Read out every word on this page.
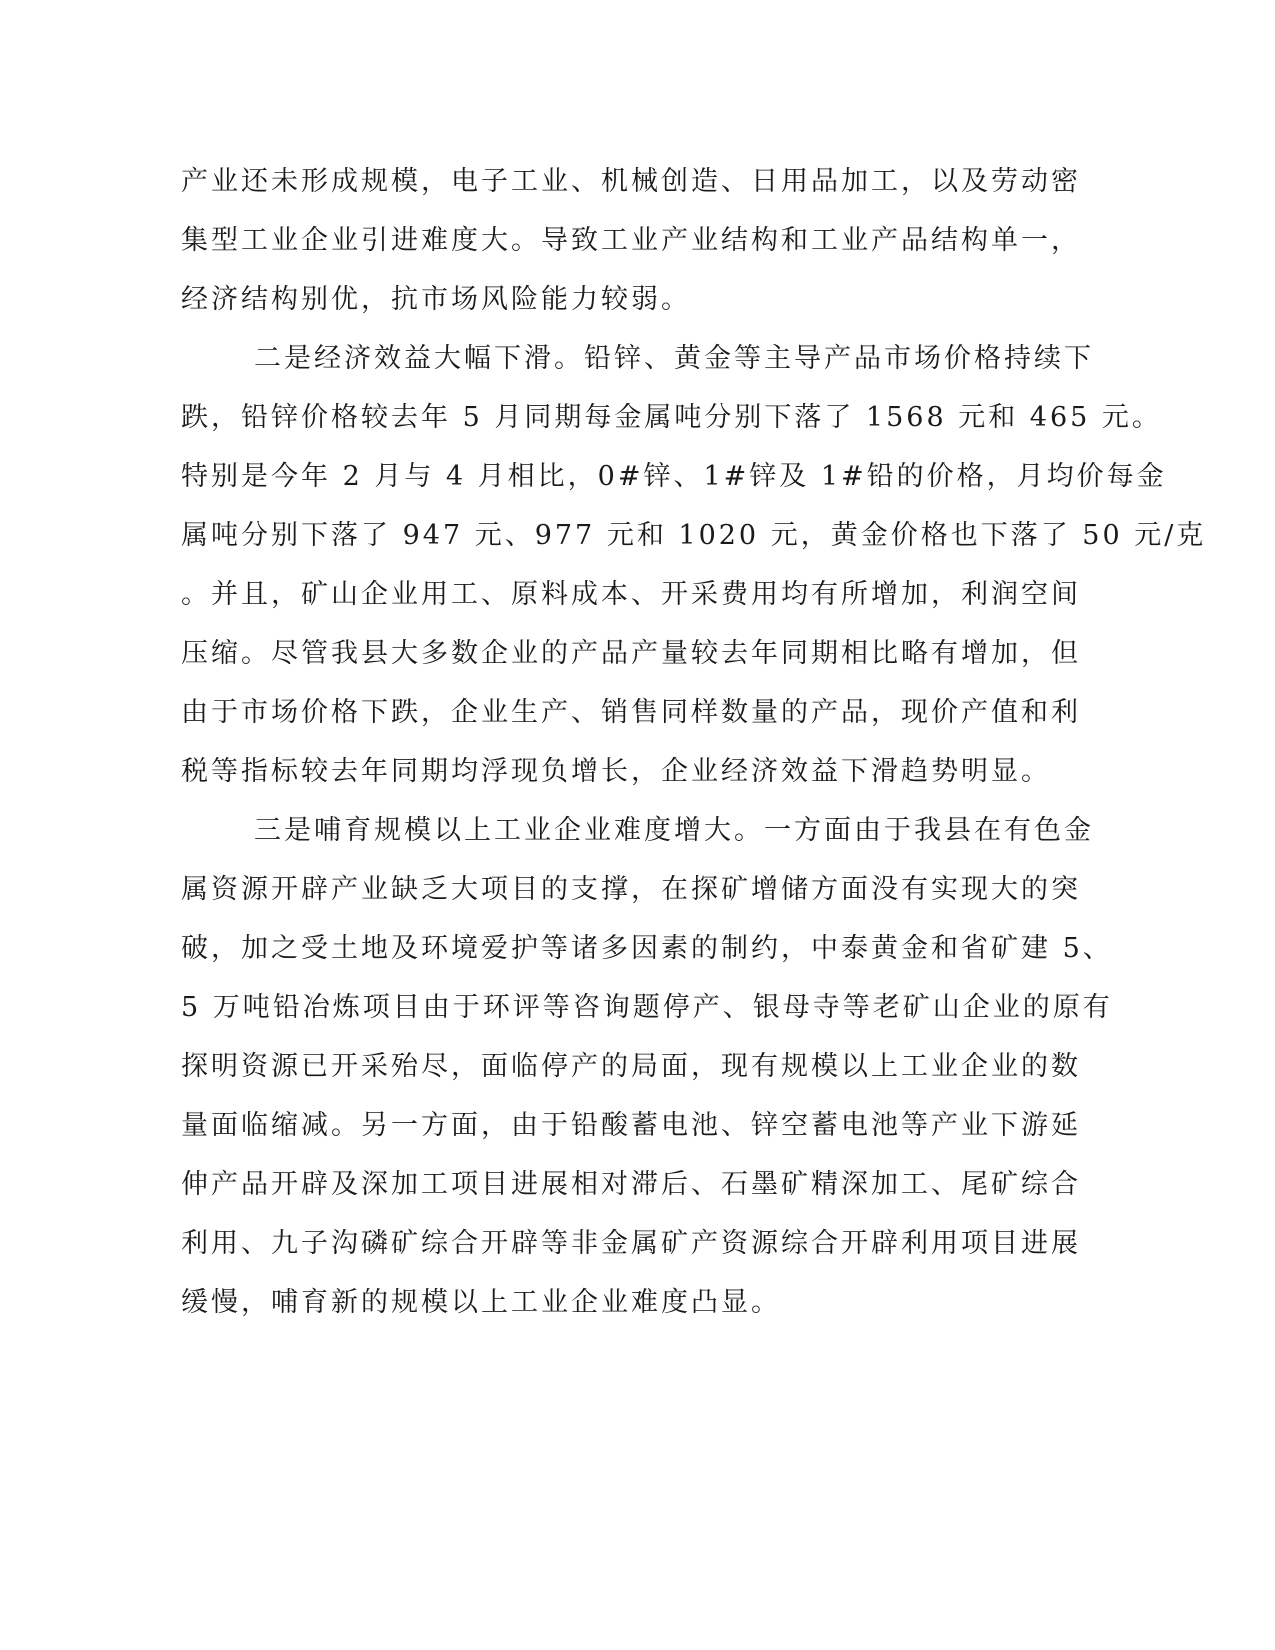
产业还未形成规模，电子工业、机械创造、日用品加工，以及劳动密
集型工业企业引进难度大。导致工业产业结构和工业产品结构单一，
经济结构别优，抗市场风险能力较弱。
二是经济效益大幅下滑。铅锌、黄金等主导产品市场价格持续下
跌，铅锌价格较去年 5 月同期每金属吨分别下落了 1568 元和 465 元。
特别是今年 2 月与 4 月相比，0#锌、1#锌及 1#铅的价格，月均价每金
属吨分别下落了 947 元、977 元和 1020 元，黄金价格也下落了 50 元/克
。并且，矿山企业用工、原料成本、开采费用均有所增加，利润空间
压缩。尽管我县大多数企业的产品产量较去年同期相比略有增加，但
由于市场价格下跌，企业生产、销售同样数量的产品，现价产值和利
税等指标较去年同期均浮现负增长，企业经济效益下滑趋势明显。
三是哺育规模以上工业企业难度增大。一方面由于我县在有色金
属资源开辟产业缺乏大项目的支撑，在探矿增储方面没有实现大的突
破，加之受土地及环境爱护等诸多因素的制约，中泰黄金和省矿建 5、
5 万吨铅冶炼项目由于环评等咨询题停产、银母寺等老矿山企业的原有
探明资源已开采殆尽，面临停产的局面，现有规模以上工业企业的数
量面临缩减。另一方面，由于铅酸蓄电池、锌空蓄电池等产业下游延
伸产品开辟及深加工项目进展相对滞后、石墨矿精深加工、尾矿综合
利用、九子沟磷矿综合开辟等非金属矿产资源综合开辟利用项目进展
缓慢，哺育新的规模以上工业企业难度凸显。
